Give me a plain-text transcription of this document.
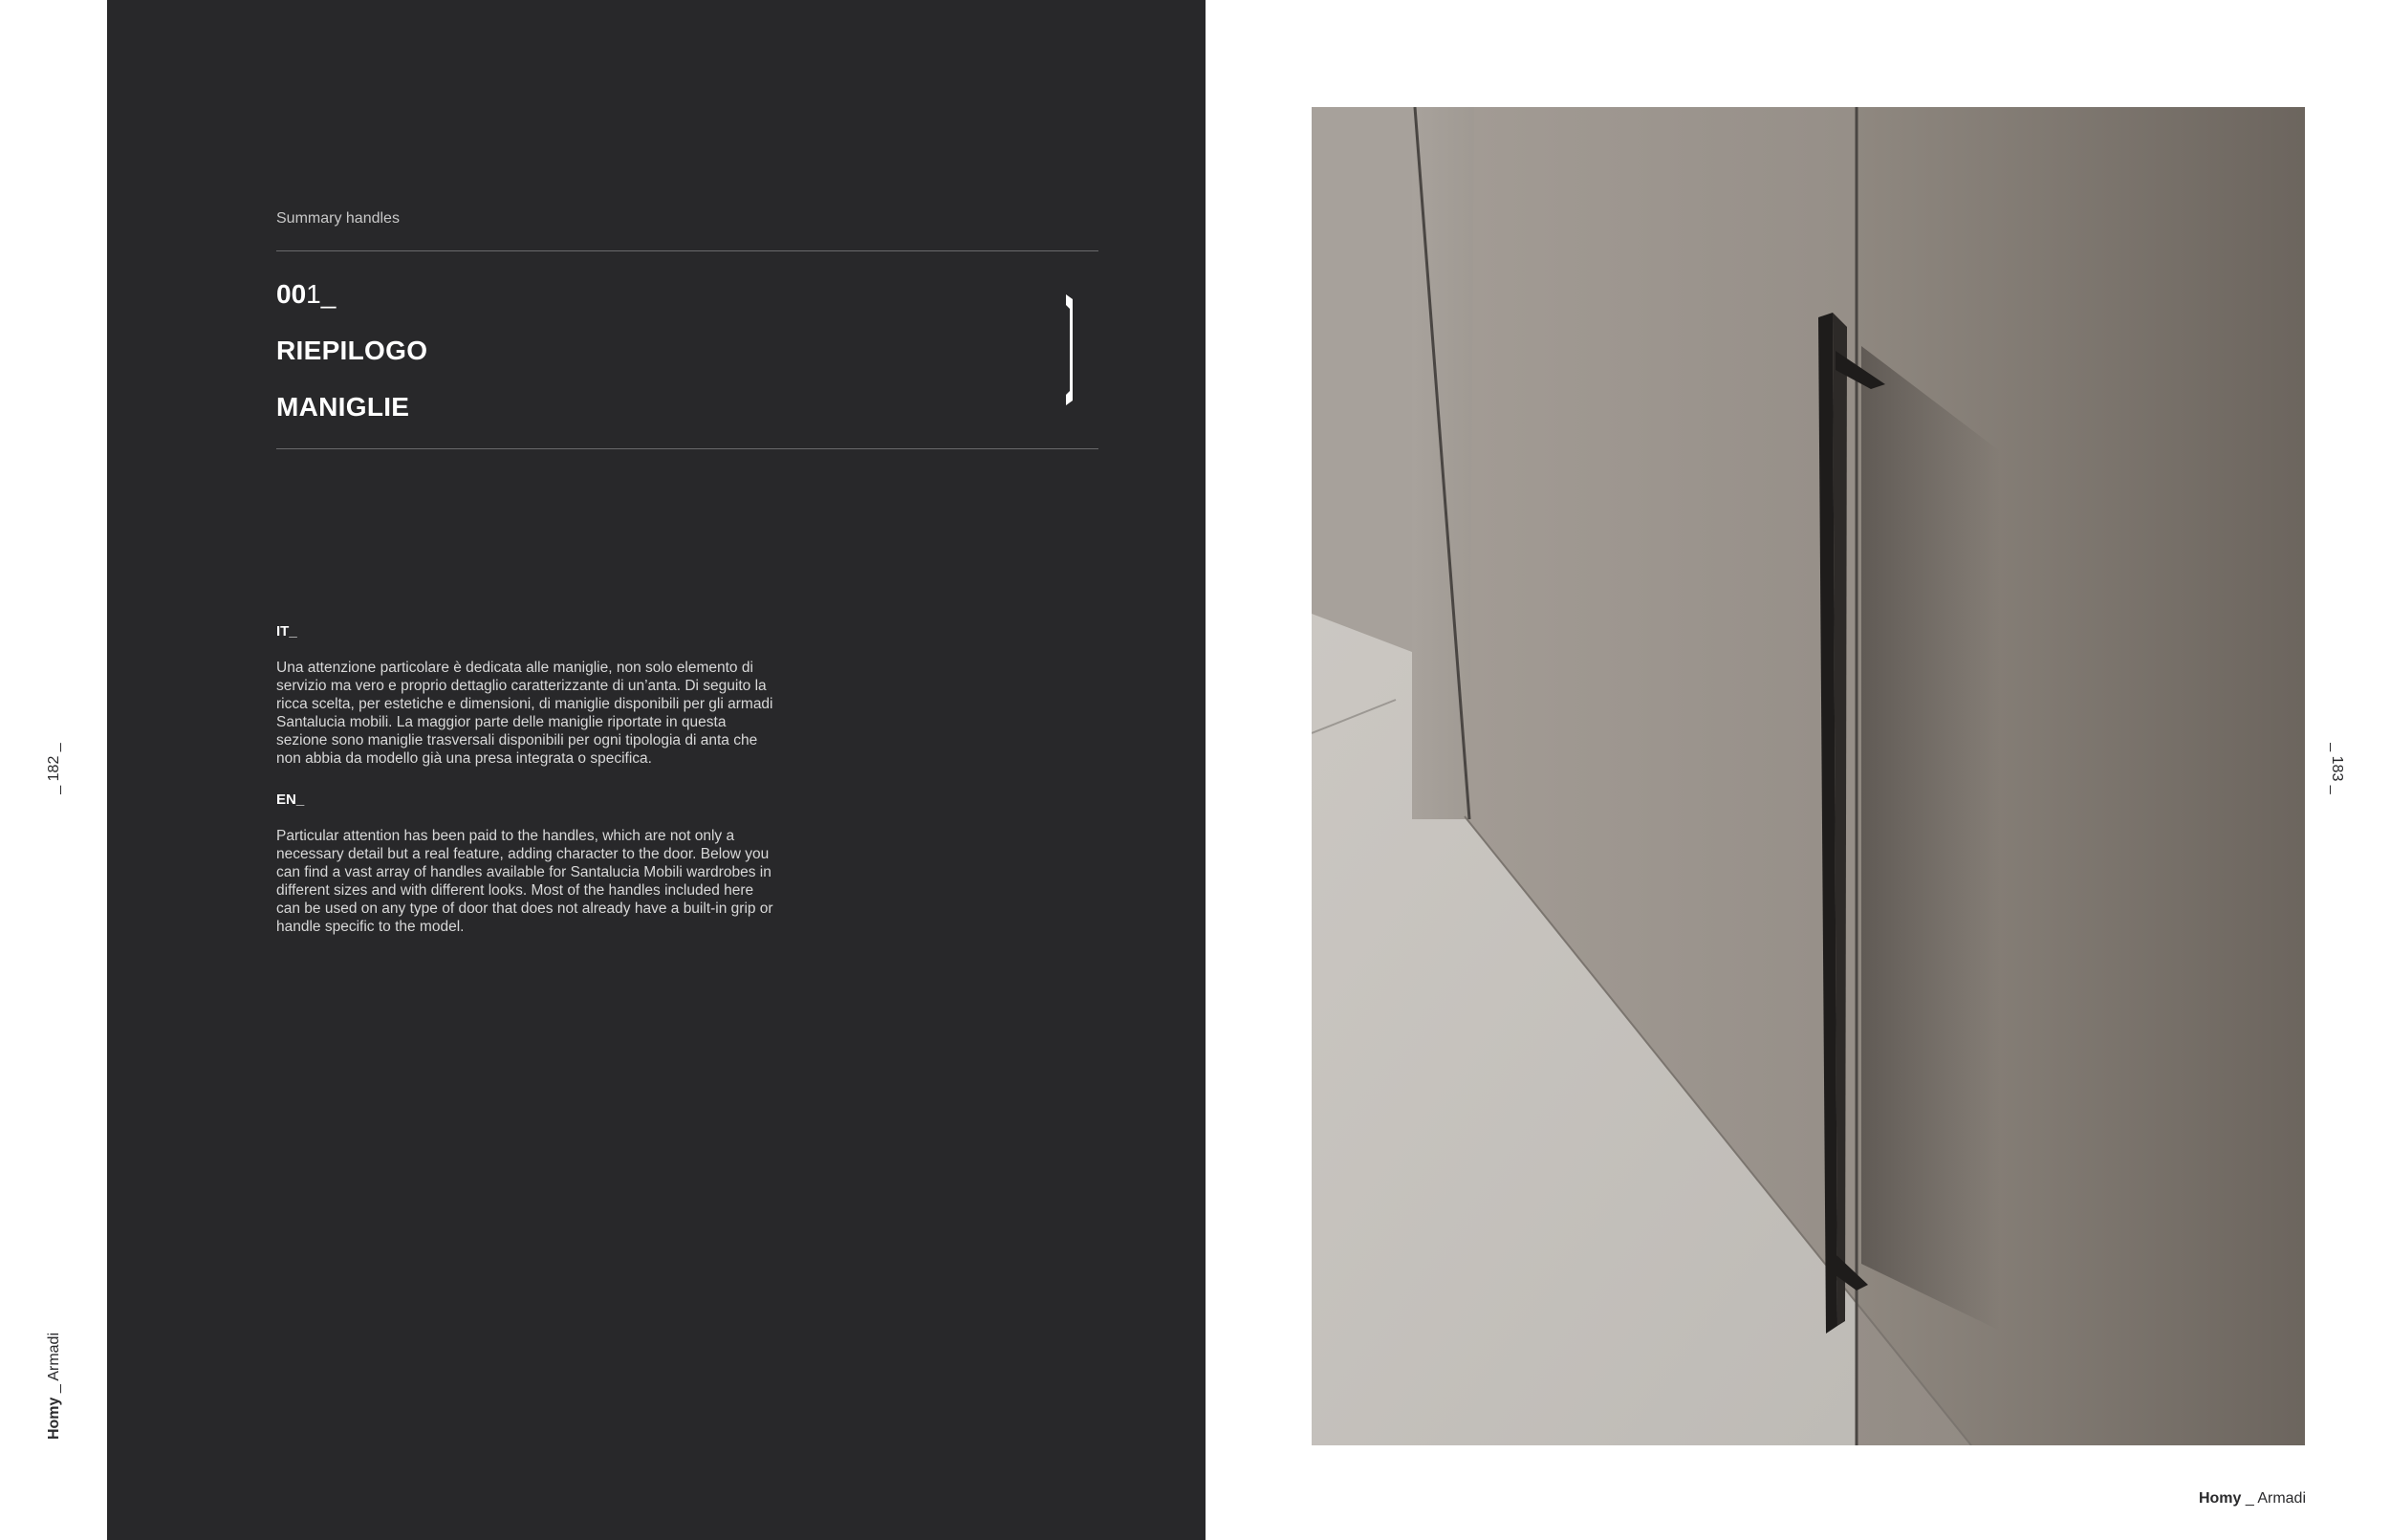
_ 182 _
Homy _ Armadi
Summary handles
001_
RIEPILOGO
MANIGLIE
IT_
Una attenzione particolare è dedicata alle maniglie, non solo elemento di servizio ma vero e proprio dettaglio caratterizzante di un’anta. Di seguito la ricca scelta, per estetiche e dimensioni, di maniglie disponibili per gli armadi Santalucia mobili. La maggior parte delle maniglie riportate in questa sezione sono maniglie trasversali disponibili per ogni tipologia di anta che non abbia da modello già una presa integrata o specifica.
EN_
Particular attention has been paid to the handles, which are not only a necessary detail but a real feature, adding character to the door. Below you can find a vast array of handles available for Santalucia Mobili wardrobes in different sizes and with different looks. Most of the handles included here can be used on any type of door that does not already have a built-in grip or handle specific to the model.
_ 183 _
Homy _ Armadi
